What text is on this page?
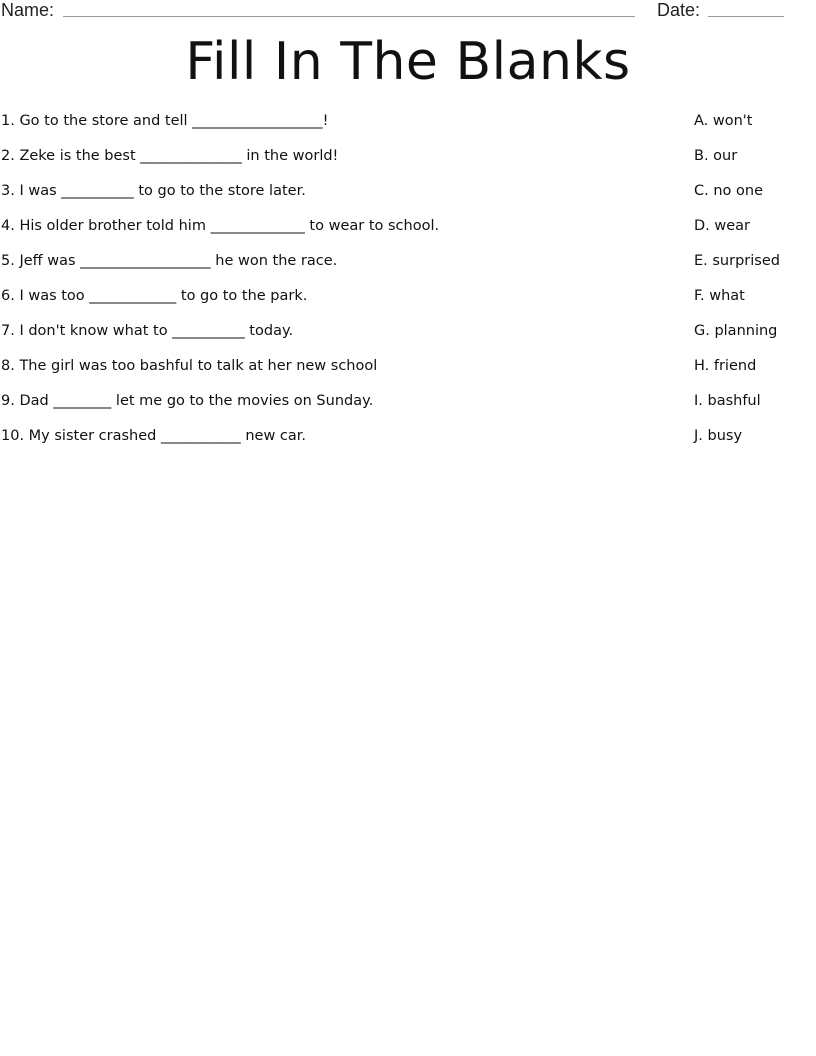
Name:	Date:
Fill In The Blanks
1. Go to the store and tell __________________!
2. Zeke is the best ______________ in the world!
3. I was __________ to go to the store later.
4. His older brother told him _____________ to wear to school.
5. Jeff was __________________ he won the race.
6. I was too ____________ to go to the park.
7. I don't know what to __________ today.
8. The girl was too bashful to talk at her new school
9. Dad ________ let me go to the movies on Sunday.
10. My sister crashed ___________ new car.
A. won't
B. our
C. no one
D. wear
E. surprised
F. what
G. planning
H. friend
I. bashful
J. busy
